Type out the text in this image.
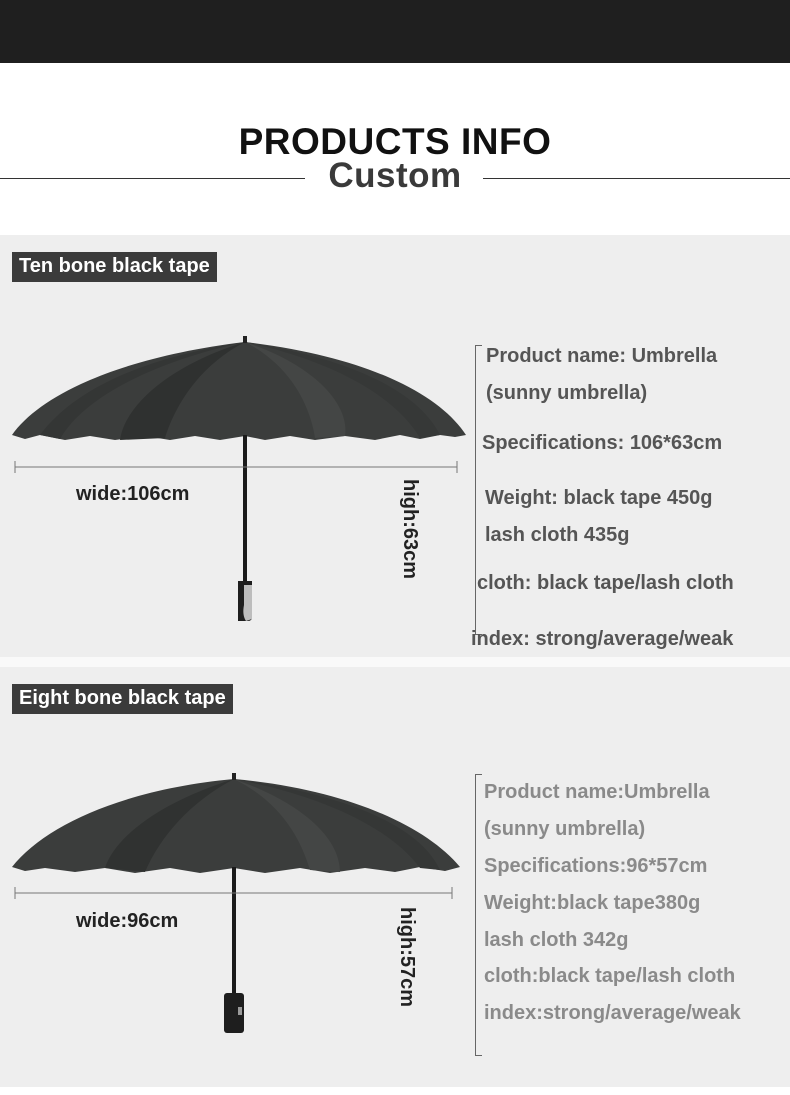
PRODUCTS INFO
Custom
Ten bone black tape
wide:106cm	high:63cm
Product name: Umbrella
(sunny umbrella)
Specifications: 106*63cm
Weight: black tape 450g
lash cloth 435g
cloth: black tape/lash cloth
index: strong/average/weak
Eight bone black tape
wide:96cm	high:57cm
Product name:Umbrella
(sunny umbrella)
Specifications:96*57cm
Weight:black tape380g
lash cloth 342g
cloth:black tape/lash cloth
index:strong/average/weak
